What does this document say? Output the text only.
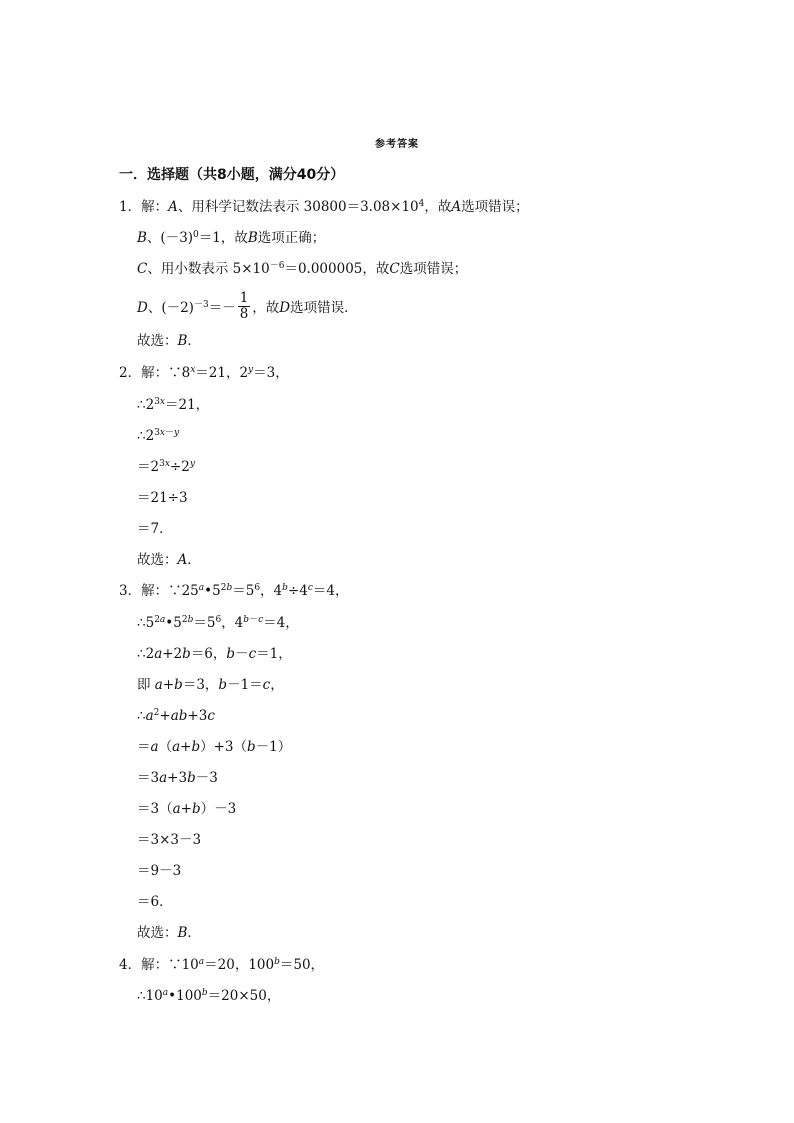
参考答案
一．选择题（共8小题，满分40分）
1．解：A、用科学记数法表示 $30800=3.08\times 10^4$，故A选项错误；
B、$(-3)^0=1$，故B选项正确；
C、用小数表示 $5\times 10^{-6}=0.000005$，故C选项错误；
D、$(-2)^{-3}=- \frac{1}{8}$ ，故D选项错误．
故选：B．
2．解：$\because 8^x=21$，$2^y=3$，
$\therefore 2^{3x}=21$，
$\therefore 2^{3x-y}$
$=2^{3x}\div 2^y$
＝21÷3
＝7．
故选：A．
3．解：$\because 25^a•5^{2b}=5^6$，$4^b\div 4^c=4$，
$\therefore 5^{2a}•5^{2b}=5^6$，$4^{b-c}=4$，
∴2a+2b＝6，b－c＝1，
即 a+b＝3，b－1＝c，
$\therefore a^2+ab+3c$
＝a（a+b）+3（b－1）
＝3a+3b－3
＝3（a+b）－3
＝3×3－3
＝9－3
＝6．
故选：B．
4．解：$\because 10^a=20$，$100^b=50$，
$\therefore 10^a•100^b=20\times 50$，
